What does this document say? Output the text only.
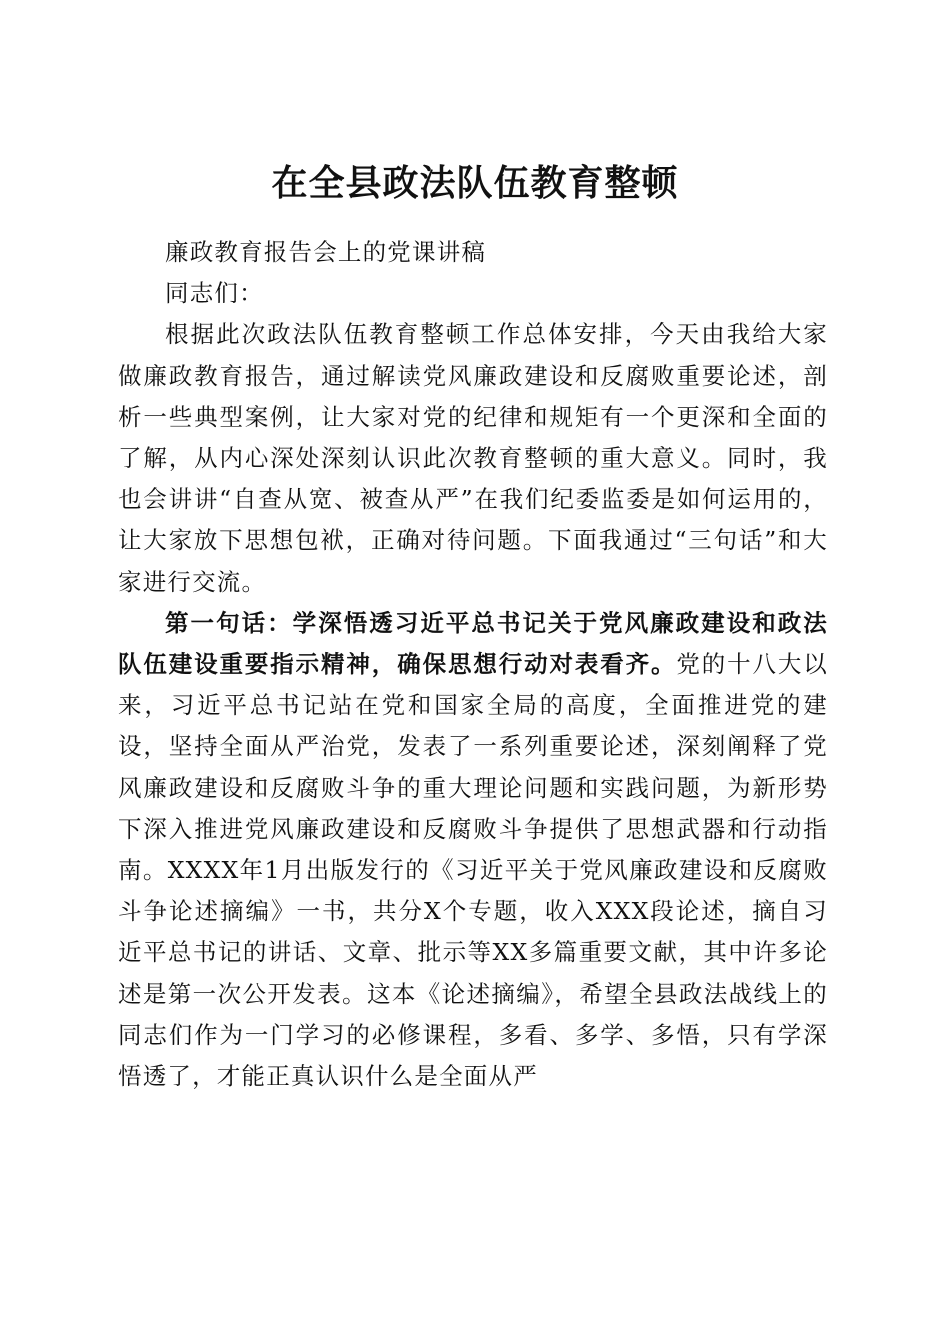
在全县政法队伍教育整顿

廉政教育报告会上的党课讲稿

同志们：

根据此次政法队伍教育整顿工作总体安排，今天由我给大家做廉政教育报告，通过解读党风廉政建设和反腐败重要论述，剖析一些典型案例，让大家对党的纪律和规矩有一个更深和全面的了解，从内心深处深刻认识此次教育整顿的重大意义。同时，我也会讲讲“自查从宽、被查从严”在我们纪委监委是如何运用的，让大家放下思想包袱，正确对待问题。下面我通过“三句话”和大家进行交流。

第一句话：学深悟透习近平总书记关于党风廉政建设和政法队伍建设重要指示精神，确保思想行动对表看齐。党的十八大以来，习近平总书记站在党和国家全局的高度，全面推进党的建设，坚持全面从严治党，发表了一系列重要论述，深刻阐释了党风廉政建设和反腐败斗争的重大理论问题和实践问题，为新形势下深入推进党风廉政建设和反腐败斗争提供了思想武器和行动指南。XXXX年1月出版发行的《习近平关于党风廉政建设和反腐败斗争论述摘编》一书，共分X个专题，收入XXX段论述，摘自习近平总书记的讲话、文章、批示等XX多篇重要文献，其中许多论述是第一次公开发表。这本《论述摘编》，希望全县政法战线上的同志们作为一门学习的必修课程，多看、多学、多悟，只有学深悟透了，才能正真认识什么是全面从严
